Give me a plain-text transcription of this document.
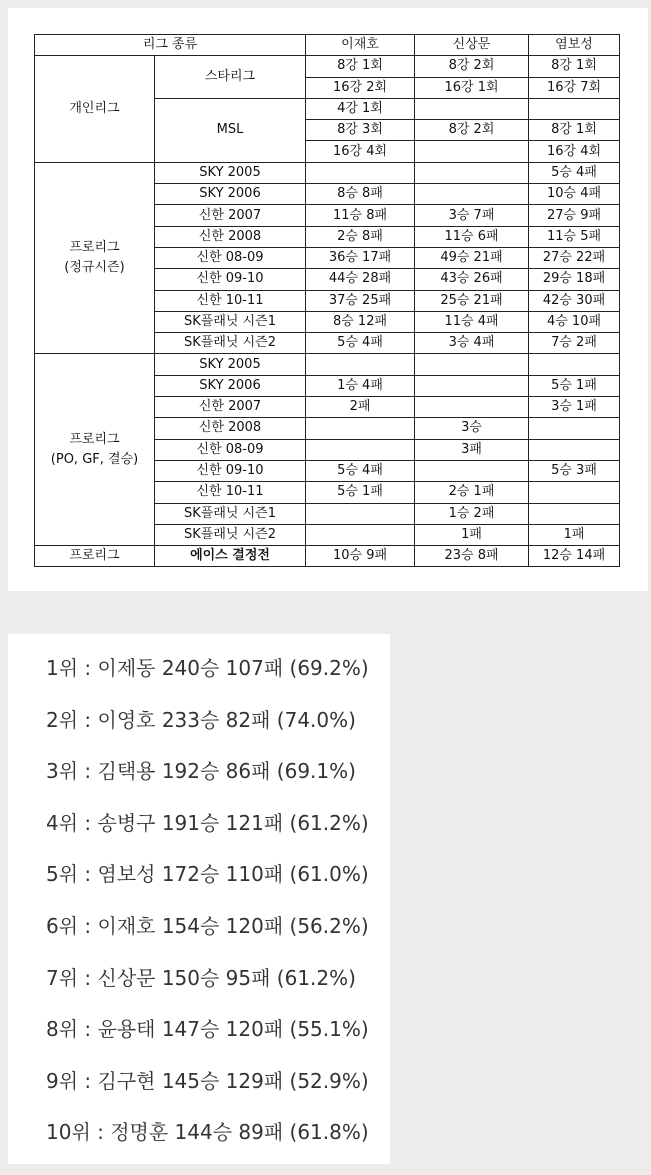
리그 종류		이재호	신상문	염보성
개인리그	스타리그	8강 1회	8강 2회	8강 1회
		16강 2회	16강 1회	16강 7회
	MSL	4강 1회		
		8강 3회	8강 2회	8강 1회
		16강 4회		16강 4회

프로리그
(정규시즌)	SKY 2005			5승 4패
	SKY 2006	8승 8패		10승 4패
	신한 2007	11승 8패	3승 7패	27승 9패
	신한 2008	2승 8패	11승 6패	11승 5패
	신한 08-09	36승 17패	49승 21패	27승 22패
	신한 09-10	44승 28패	43승 26패	29승 18패
	신한 10-11	37승 25패	25승 21패	42승 30패
	SK플래닛 시즌1	8승 12패	11승 4패	4승 10패
	SK플래닛 시즌2	5승 4패	3승 4패	7승 2패

프로리그
(PO, GF, 결승)	SKY 2005			
	SKY 2006	1승 4패		5승 1패
	신한 2007	2패		3승 1패
	신한 2008		3승	
	신한 08-09		3패	
	신한 09-10	5승 4패		5승 3패
	신한 10-11	5승 1패	2승 1패	
	SK플래닛 시즌1		1승 2패	
	SK플래닛 시즌2		1패	1패
프로리그	에이스 결정전	10승 9패	23승 8패	12승 14패
1위 : 이제동 240승 107패 (69.2%)
2위 : 이영호 233승 82패 (74.0%)
3위 : 김택용 192승 86패 (69.1%)
4위 : 송병구 191승 121패 (61.2%)
5위 : 염보성 172승 110패 (61.0%)
6위 : 이재호 154승 120패 (56.2%)
7위 : 신상문 150승 95패 (61.2%)
8위 : 윤용태 147승 120패 (55.1%)
9위 : 김구현 145승 129패 (52.9%)
10위 : 정명훈 144승 89패 (61.8%)
